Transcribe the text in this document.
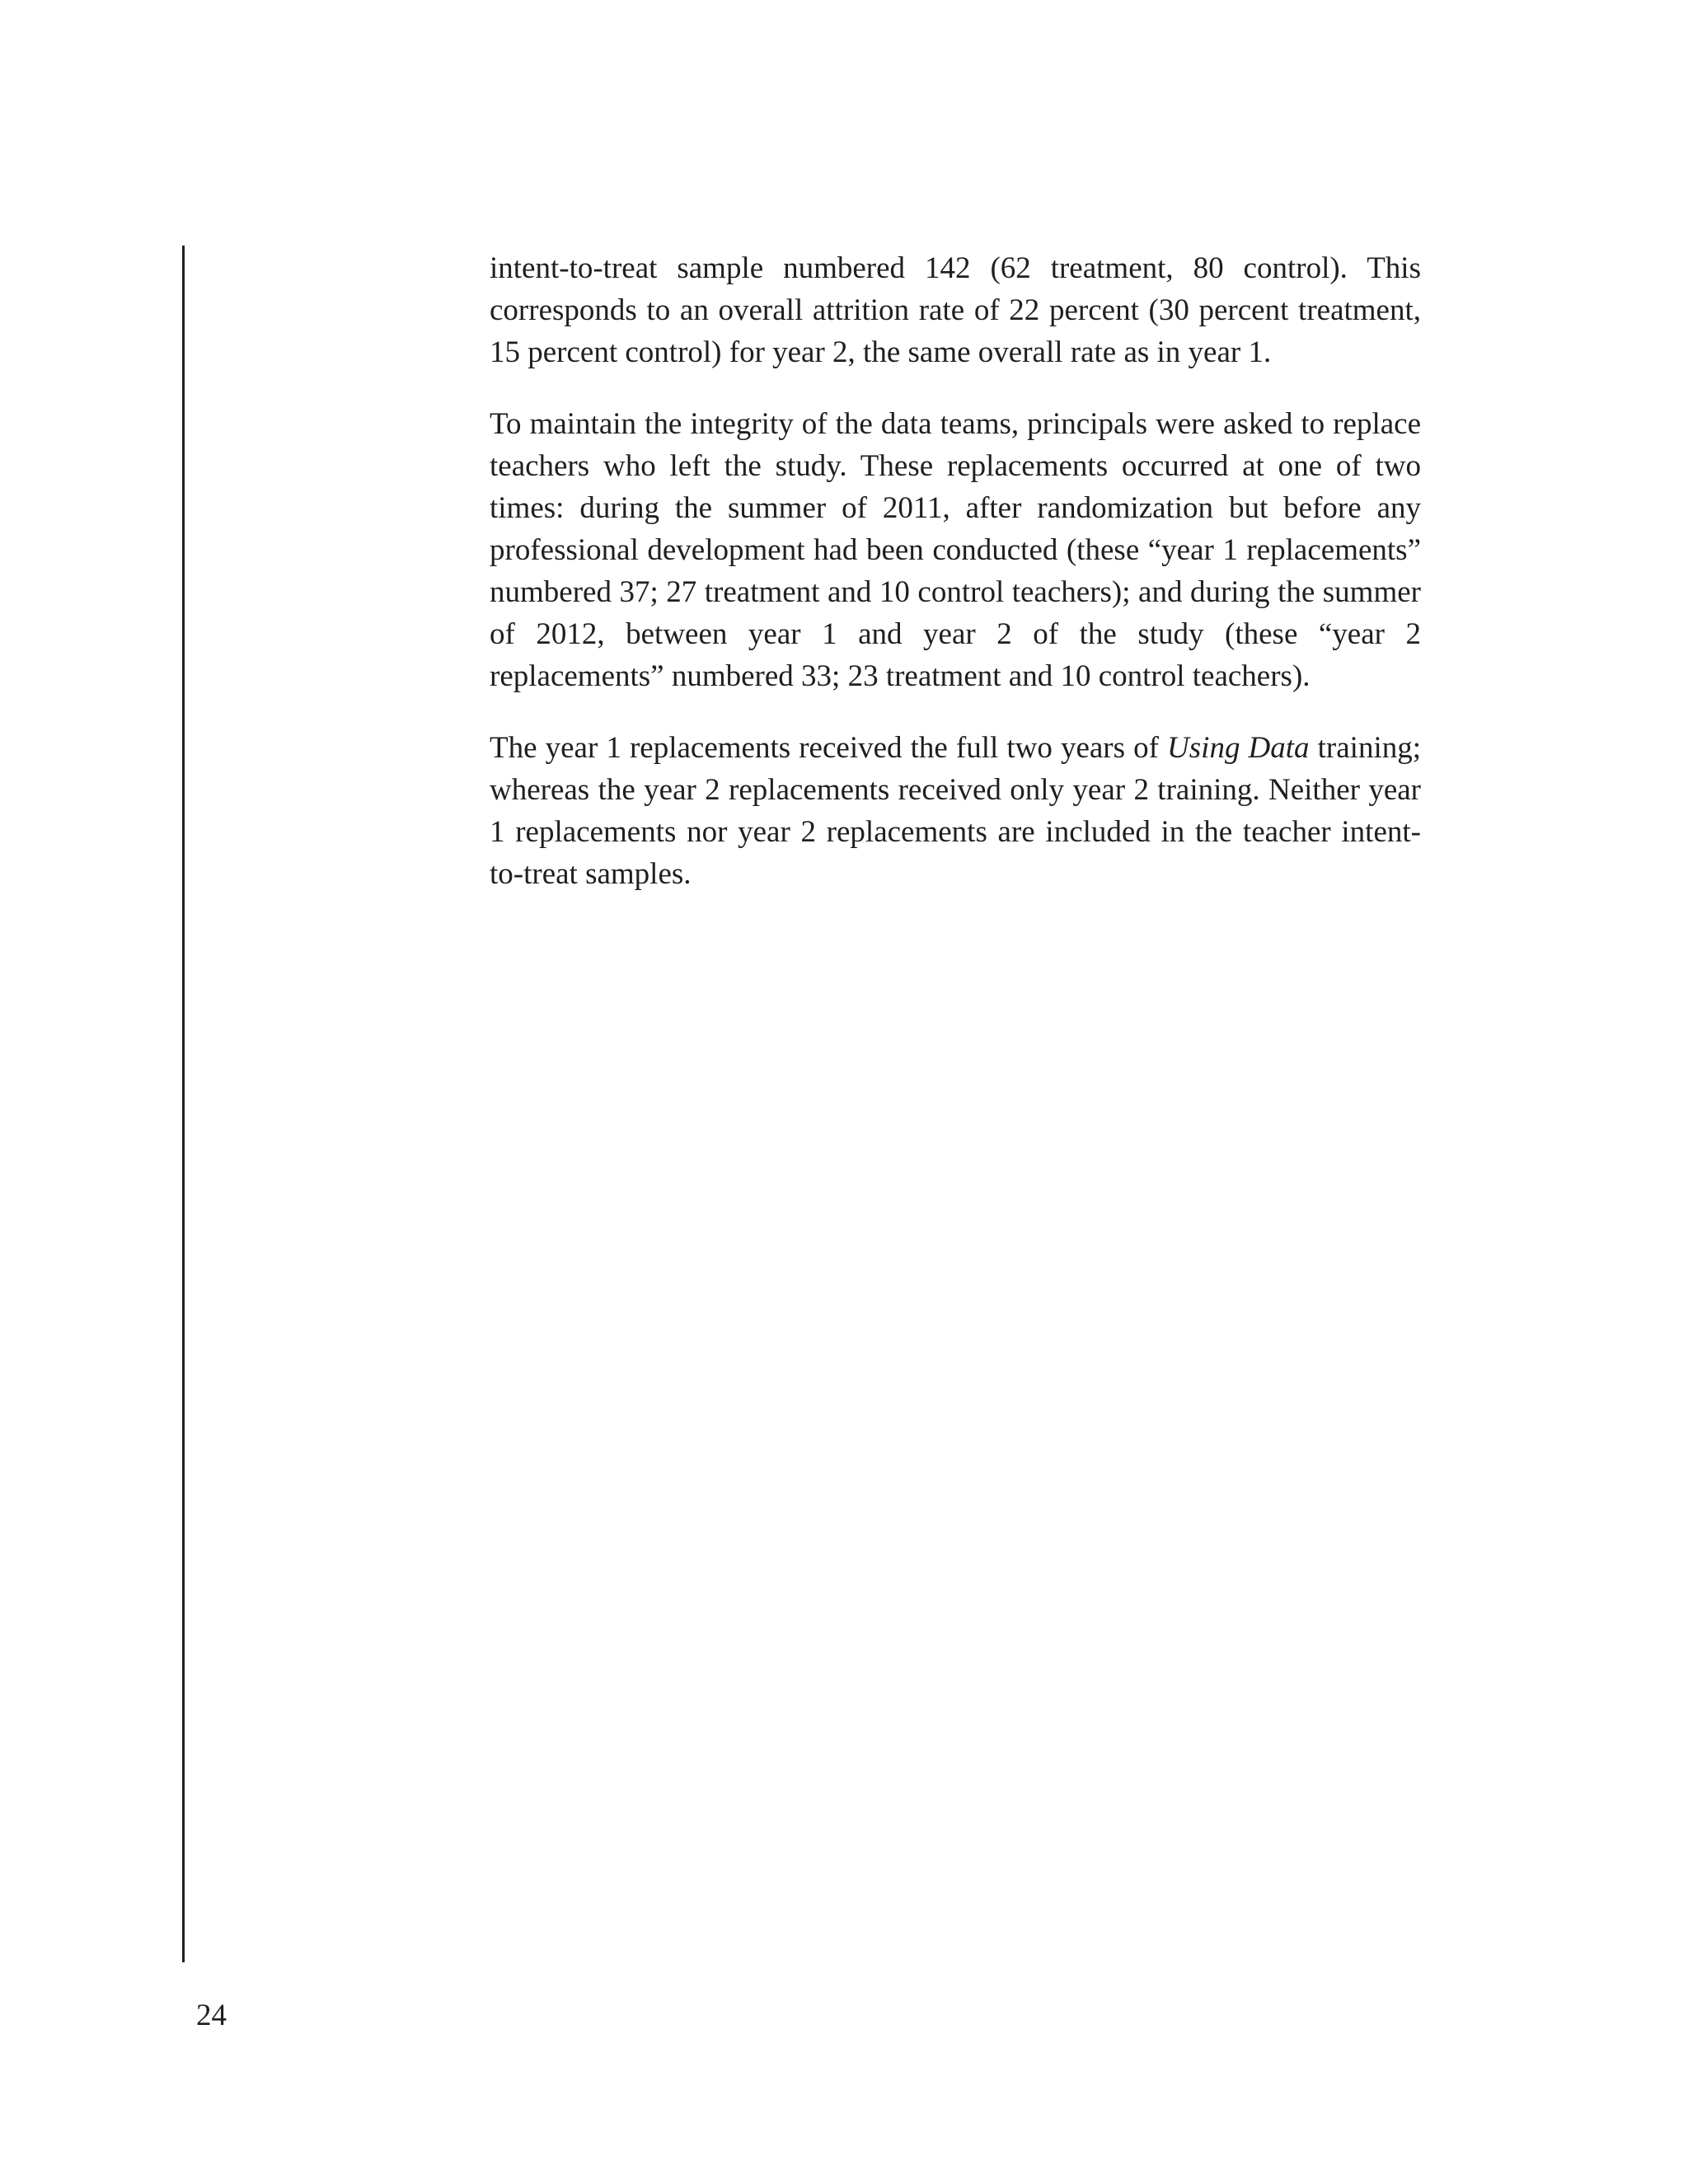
intent-to-treat sample numbered 142 (62 treatment, 80 control). This corresponds to an overall attrition rate of 22 percent (30 percent treatment, 15 percent control) for year 2, the same overall rate as in year 1.

To maintain the integrity of the data teams, principals were asked to replace teachers who left the study. These replacements occurred at one of two times: during the summer of 2011, after randomization but before any professional development had been conducted (these “year 1 replacements” numbered 37; 27 treatment and 10 control teachers); and during the summer of 2012, between year 1 and year 2 of the study (these “year 2 replacements” numbered 33; 23 treatment and 10 control teachers).

The year 1 replacements received the full two years of Using Data training; whereas the year 2 replacements received only year 2 training. Neither year 1 replacements nor year 2 replacements are included in the teacher intent-to-treat samples.

24
